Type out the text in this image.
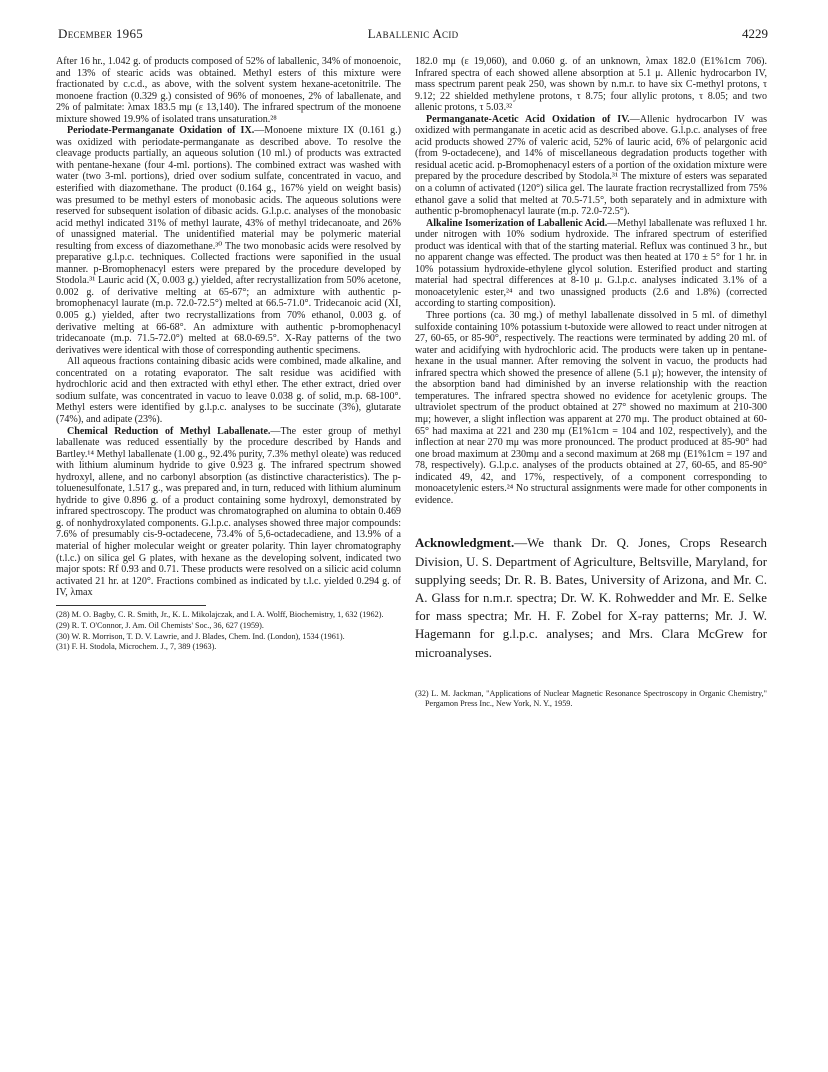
December 1965	Laballenic Acid	4229

After 16 hr., 1.042 g. of products composed of 52% of laballenic, 34% of monoenoic, and 13% of stearic acids was obtained. Methyl esters of this mixture were fractionated by c.c.d., as above, with the solvent system hexane-acetonitrile. The monoene fraction (0.329 g.) consisted of 96% of monoenes, 2% of laballenate, and 2% of palmitate: λmax 183.5 mμ (ε 13,140). The infrared spectrum of the monoene mixture showed 19.9% of isolated trans unsaturation.²⁸

Periodate-Permanganate Oxidation of IX.—Monoene mixture IX (0.161 g.) was oxidized with periodate-permanganate as described above. To resolve the cleavage products partially, an aqueous solution (10 ml.) of products was extracted with pentane-hexane (four 4-ml. portions). The combined extract was washed with water (two 3-ml. portions), dried over sodium sulfate, concentrated in vacuo, and esterified with diazomethane. The product (0.164 g., 167% yield on weight basis) was presumed to be methyl esters of monobasic acids. The aqueous solutions were reserved for subsequent isolation of dibasic acids. G.l.p.c. analyses of the monobasic acid methyl indicated 31% of methyl laurate, 43% of methyl tridecanoate, and 26% of unassigned material. The unidentified material may be polymeric material resulting from excess of diazomethane.³⁰ The two monobasic acids were resolved by preparative g.l.p.c. techniques. Collected fractions were saponified in the usual manner. p-Bromophenacyl esters were prepared by the procedure developed by Stodola.³¹ Lauric acid (X, 0.003 g.) yielded, after recrystallization from 50% acetone, 0.002 g. of derivative melting at 65-67°; an admixture with authentic p-bromophenacyl laurate (m.p. 72.0-72.5°) melted at 66.5-71.0°. Tridecanoic acid (XI, 0.005 g.) yielded, after two recrystallizations from 70% ethanol, 0.003 g. of derivative melting at 66-68°. An admixture with authentic p-bromophenacyl tridecanoate (m.p. 71.5-72.0°) melted at 68.0-69.5°. X-Ray patterns of the two derivatives were identical with those of corresponding authentic specimens.

All aqueous fractions containing dibasic acids were combined, made alkaline, and concentrated on a rotating evaporator. The salt residue was acidified with hydrochloric acid and then extracted with ethyl ether. The ether extract, dried over sodium sulfate, was concentrated in vacuo to leave 0.038 g. of solid, m.p. 68-100°. Methyl esters were identified by g.l.p.c. analyses to be succinate (3%), glutarate (74%), and adipate (23%).

Chemical Reduction of Methyl Laballenate.—The ester group of methyl laballenate was reduced essentially by the procedure described by Hands and Bartley.¹⁴ Methyl laballenate (1.00 g., 92.4% purity, 7.3% methyl oleate) was reduced with lithium aluminum hydride to give 0.923 g. The infrared spectrum showed hydroxyl, allene, and no carbonyl absorption (as distinctive characteristics). The p-toluenesulfonate, 1.517 g., was prepared and, in turn, reduced with lithium aluminum hydride to give 0.896 g. of a product containing some hydroxyl, demonstrated by infrared spectroscopy. The product was chromatographed on alumina to obtain 0.469 g. of nonhydroxylated components. G.l.p.c. analyses showed three major compounds: 7.6% of presumably cis-9-octadecene, 73.4% of 5,6-octadecadiene, and 13.9% of a material of higher molecular weight or greater polarity. Thin layer chromatography (t.l.c.) on silica gel G plates, with hexane as the developing solvent, indicated two major spots: Rf 0.93 and 0.71. These products were resolved on a silicic acid column activated 21 hr. at 120°. Fractions combined as indicated by t.l.c. yielded 0.294 g. of IV, λmax

(28) M. O. Bagby, C. R. Smith, Jr., K. L. Mikolajczak, and I. A. Wolff, Biochemistry, 1, 632 (1962).

(29) R. T. O'Connor, J. Am. Oil Chemists' Soc., 36, 627 (1959).

(30) W. R. Morrison, T. D. V. Lawrie, and J. Blades, Chem. Ind. (London), 1534 (1961).

(31) F. H. Stodola, Microchem. J., 7, 389 (1963).

182.0 mμ (ε 19,060), and 0.060 g. of an unknown, λmax 182.0 (E1%1cm 706). Infrared spectra of each showed allene absorption at 5.1 μ. Allenic hydrocarbon IV, mass spectrum parent peak 250, was shown by n.m.r. to have six C-methyl protons, τ 9.12; 22 shielded methylene protons, τ 8.75; four allylic protons, τ 8.05; and two allenic protons, τ 5.03.³²

Permanganate-Acetic Acid Oxidation of IV.—Allenic hydrocarbon IV was oxidized with permanganate in acetic acid as described above. G.l.p.c. analyses of free acid products showed 27% of valeric acid, 52% of lauric acid, 6% of pelargonic acid (from 9-octadecene), and 14% of miscellaneous degradation products together with residual acetic acid. p-Bromophenacyl esters of a portion of the oxidation mixture were prepared by the procedure described by Stodola.³¹ The mixture of esters was separated on a column of activated (120°) silica gel. The laurate fraction recrystallized from 75% ethanol gave a solid that melted at 70.5-71.5°, both separately and in admixture with authentic p-bromophenacyl laurate (m.p. 72.0-72.5°).

Alkaline Isomerization of Laballenic Acid.—Methyl laballenate was refluxed 1 hr. under nitrogen with 10% sodium hydroxide. The infrared spectrum of esterified product was identical with that of the starting material. Reflux was continued 3 hr., but no apparent change was effected. The product was then heated at 170 ± 5° for 1 hr. in 10% potassium hydroxide-ethylene glycol solution. Esterified product and starting material had spectral differences at 8-10 μ. G.l.p.c. analyses indicated 3.1% of a monoacetylenic ester,²⁴ and two unassigned products (2.6 and 1.8%) (corrected according to starting composition).

Three portions (ca. 30 mg.) of methyl laballenate dissolved in 5 ml. of dimethyl sulfoxide containing 10% potassium t-butoxide were allowed to react under nitrogen at 27, 60-65, or 85-90°, respectively. The reactions were terminated by adding 20 ml. of water and acidifying with hydrochloric acid. The products were taken up in pentane-hexane in the usual manner. After removing the solvent in vacuo, the products had infrared spectra which showed the presence of allene (5.1 μ); however, the intensity of the absorption band had diminished by an inverse relationship with the reaction temperatures. The infrared spectra showed no evidence for acetylenic groups. The ultraviolet spectrum of the product obtained at 27° showed no maximum at 210-300 mμ; however, a slight inflection was apparent at 270 mμ. The product obtained at 60-65° had maxima at 221 and 230 mμ (E1%1cm = 104 and 102, respectively), and the inflection at near 270 mμ was more pronounced. The product produced at 85-90° had one broad maximum at 230mμ and a second maximum at 268 mμ (E1%1cm = 197 and 78, respectively). G.l.p.c. analyses of the products obtained at 27, 60-65, and 85-90° indicated 49, 42, and 17%, respectively, of a component corresponding to monoacetylenic esters.²⁴ No structural assignments were made for other components in evidence.

Acknowledgment.—We thank Dr. Q. Jones, Crops Research Division, U. S. Department of Agriculture, Beltsville, Maryland, for supplying seeds; Dr. R. B. Bates, University of Arizona, and Mr. C. A. Glass for n.m.r. spectra; Dr. W. K. Rohwedder and Mr. E. Selke for mass spectra; Mr. H. F. Zobel for X-ray patterns; Mr. J. W. Hagemann for g.l.p.c. analyses; and Mrs. Clara McGrew for microanalyses.

(32) L. M. Jackman, "Applications of Nuclear Magnetic Resonance Spectroscopy in Organic Chemistry," Pergamon Press Inc., New York, N. Y., 1959.
